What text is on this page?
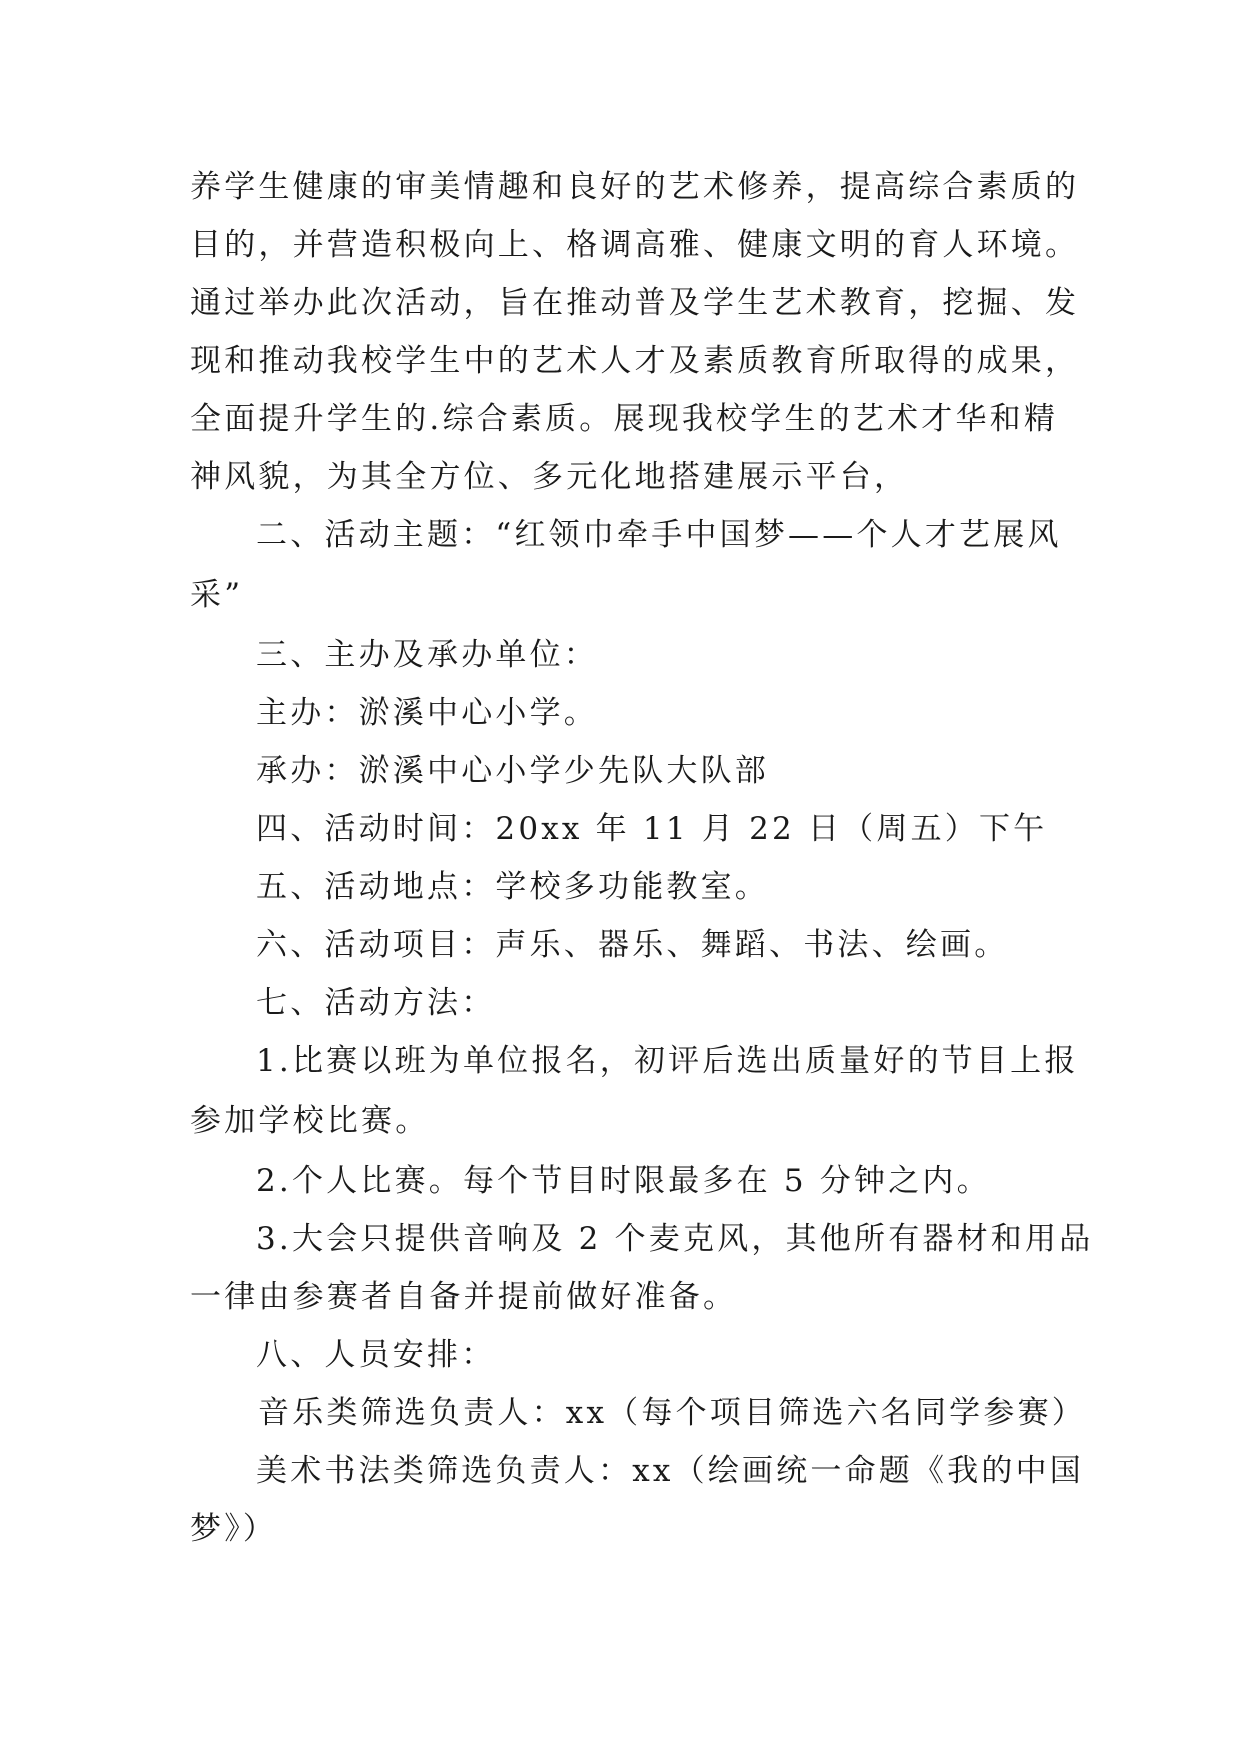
养学生健康的审美情趣和良好的艺术修养，提高综合素质的
目的，并营造积极向上、格调高雅、健康文明的育人环境。
通过举办此次活动，旨在推动普及学生艺术教育，挖掘、发
现和推动我校学生中的艺术人才及素质教育所取得的成果，
全面提升学生的.综合素质。展现我校学生的艺术才华和精
神风貌，为其全方位、多元化地搭建展示平台，
二、活动主题：“红领巾牵手中国梦——个人才艺展风
采”
三、主办及承办单位：
主办：淤溪中心小学。
承办：淤溪中心小学少先队大队部
四、活动时间：20xx 年 11 月 22 日（周五）下午
五、活动地点：学校多功能教室。
六、活动项目：声乐、器乐、舞蹈、书法、绘画。
七、活动方法：
1.比赛以班为单位报名，初评后选出质量好的节目上报
参加学校比赛。
2.个人比赛。每个节目时限最多在 5 分钟之内。
3.大会只提供音响及 2 个麦克风，其他所有器材和用品
一律由参赛者自备并提前做好准备。
八、人员安排：
音乐类筛选负责人：xx（每个项目筛选六名同学参赛）
美术书法类筛选负责人：xx（绘画统一命题《我的中国
梦》）
